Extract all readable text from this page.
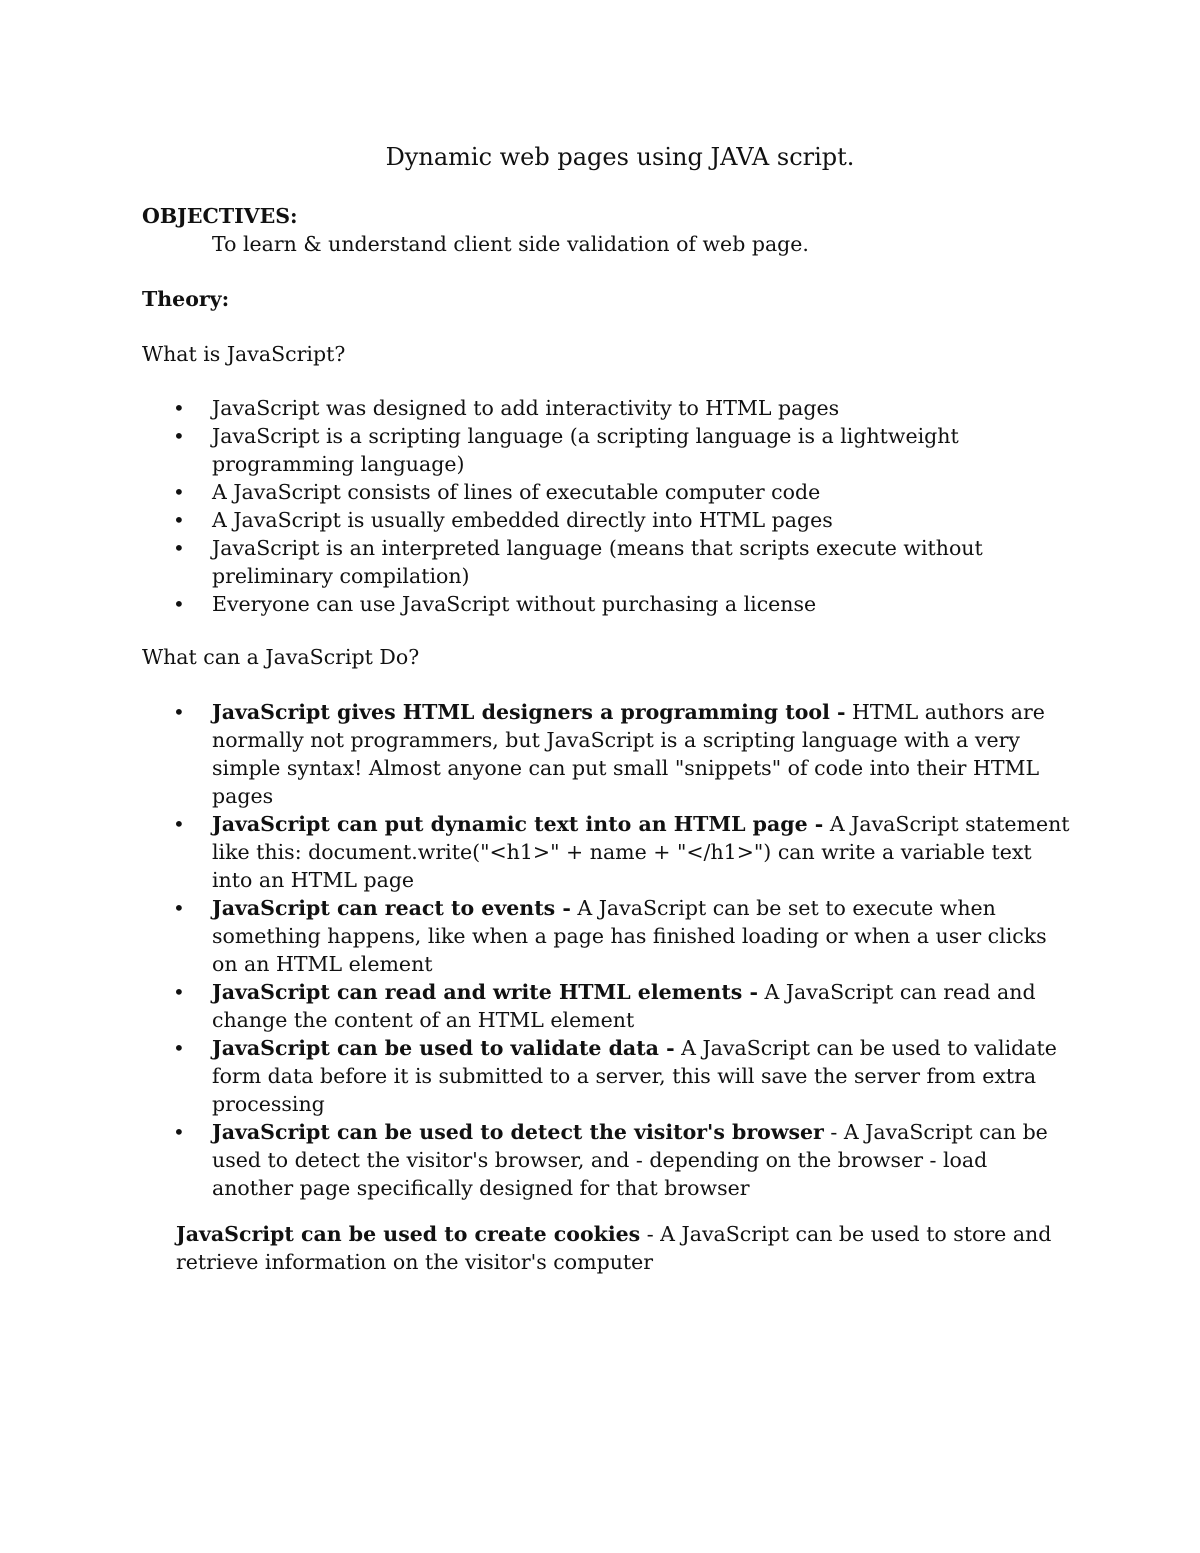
Dynamic web pages using JAVA script.
OBJECTIVES:
To learn & understand client side validation of web page.
Theory:
What is JavaScript?
• JavaScript was designed to add interactivity to HTML pages
• JavaScript is a scripting language (a scripting language is a lightweight programming language)
• A JavaScript consists of lines of executable computer code
• A JavaScript is usually embedded directly into HTML pages
• JavaScript is an interpreted language (means that scripts execute without preliminary compilation)
• Everyone can use JavaScript without purchasing a license
What can a JavaScript Do?
• JavaScript gives HTML designers a programming tool - HTML authors are normally not programmers, but JavaScript is a scripting language with a very simple syntax! Almost anyone can put small "snippets" of code into their HTML pages
• JavaScript can put dynamic text into an HTML page - A JavaScript statement like this: document.write("<h1>" + name + "</h1>") can write a variable text into an HTML page
• JavaScript can react to events - A JavaScript can be set to execute when something happens, like when a page has finished loading or when a user clicks on an HTML element
• JavaScript can read and write HTML elements - A JavaScript can read and change the content of an HTML element
• JavaScript can be used to validate data - A JavaScript can be used to validate form data before it is submitted to a server, this will save the server from extra processing
• JavaScript can be used to detect the visitor's browser - A JavaScript can be used to detect the visitor's browser, and - depending on the browser - load another page specifically designed for that browser
JavaScript can be used to create cookies - A JavaScript can be used to store and retrieve information on the visitor's computer
